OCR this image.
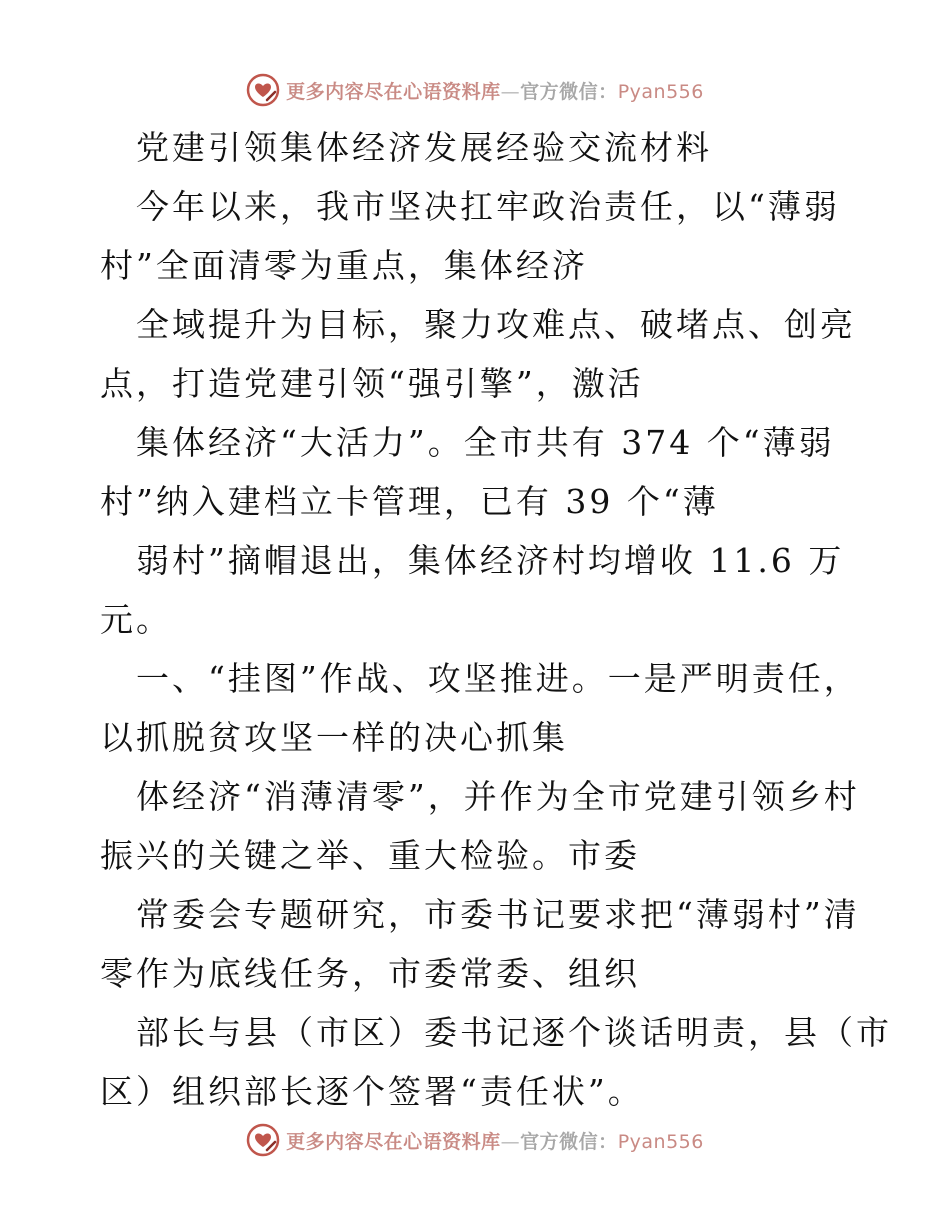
更多内容尽在心语资料库—官方微信：Pyan556
党建引领集体经济发展经验交流材料
今年以来，我市坚决扛牢政治责任，以“薄弱
村”全面清零为重点，集体经济
全域提升为目标，聚力攻难点、破堵点、创亮
点，打造党建引领“强引擎”，激活
集体经济“大活力”。全市共有 374 个“薄弱
村”纳入建档立卡管理，已有 39 个“薄
弱村”摘帽退出，集体经济村均增收 11.6 万
元。
一、“挂图”作战、攻坚推进。一是严明责任，
以抓脱贫攻坚一样的决心抓集
体经济“消薄清零”，并作为全市党建引领乡村
振兴的关键之举、重大检验。市委
常委会专题研究，市委书记要求把“薄弱村”清
零作为底线任务，市委常委、组织
部长与县（市区）委书记逐个谈话明责，县（市
区）组织部长逐个签署“责任状”。
更多内容尽在心语资料库—官方微信：Pyan556
